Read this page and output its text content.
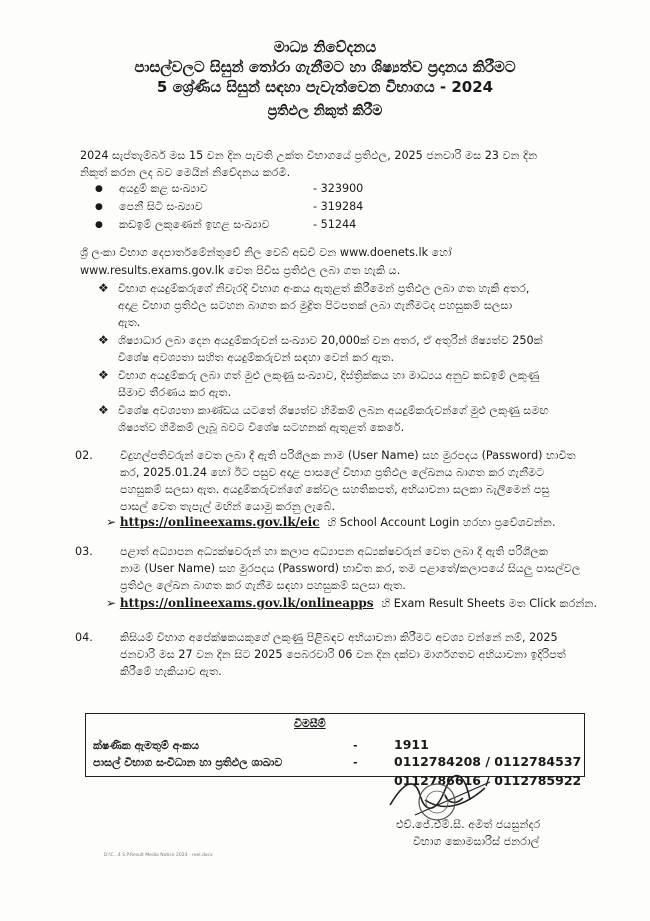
මාධ්‍ය නිවේදනය
පාසල්වලට සිසුන් තෝරා ගැනීමට හා ශිෂ්‍යත්ව ප්‍රදානය කිරීමට
5 ශ්‍රේණිය සිසුන් සඳහා පැවැත්වෙන විභාගය - 2024
ප්‍රතිඵල නිකුත් කිරීම
2024 සැප්තැම්බර් මස 15 වන දින පැවති උක්ත විභාගයේ ප්‍රතිඵල, 2025 ජනවාරි මස 23 වන දින
නිකුත් කරන ලද බව මෙයින් නිවේදනය කරමි.
● අයදුම් කළ සංඛ්‍යාව	- 323900
● පෙනී සිටි සංඛ්‍යාව	- 319284
● කඩඉම් ලකුණෙන් ඉහළ සංඛ්‍යාව	- 51244
ශ්‍රී ලංකා විභාග දෙපාර්තමේන්තුවේ නිල වෙබ් අඩවි වන www.doenets.lk හෝ
www.results.exams.gov.lk වෙත පිවිස ප්‍රතිඵල ලබා ගත හැකි ය.
❖ විභාග අයදුම්කරුගේ නිවැරදි විභාග අංකය ඇතුළත් කිරීමෙන් ප්‍රතිඵල ලබා ගත හැකි අතර,
අදාළ විභාග ප්‍රතිඵල සටහන බාගත කර මුද්‍රිත පිටපතක් ලබා ගැනීමටද පහසුකම් සලසා
ඇත.
❖ ශිෂ්‍යාධාර ලබා දෙන අයදුම්කරුවන් සංඛ්‍යාව 20,000ක් වන අතර, ඒ අතුරින් ශිෂ්‍යත්ව 250ක්
විශේෂ අවශ්‍යතා සහිත අයදුම්කරුවන් සඳහා වෙන් කර ඇත.
❖ විභාග අයදුම්කරු ලබා ගත් මුළු ලකුණු සංඛ්‍යාව, දිස්ත්‍රික්කය හා මාධ්‍යය අනුව කඩඉම් ලකුණු
සීමාව තීරණය කර ඇත.
❖ විශේෂ අවශ්‍යතා කාණ්ඩය යටතේ ශිෂ්‍යත්ව හිමිකම් ලබන අයදුම්කරුවන්ගේ මුළු ලකුණු සමඟ
ශිෂ්‍යත්ව හිමිකම් ලැබූ බවට විශේෂ සටහනක් ඇතුළත් කෙරේ.
02. විදුහල්පතිවරුන් වෙත ලබා දී ඇති පරිශීලක නාම (User Name) සහ මුරපදය (Password) භාවිත
කර, 2025.01.24 හෝ ඊට පසුව අදාළ පාසලේ විභාග ප්‍රතිඵල ලේඛනය බාගත කර ගැනීමට
පහසුකම් සලසා ඇත. අයදුම්කරුවන්ගේ කේවල සහතිකපත්, අභියාචනා සලකා බැලීමෙන් පසු
පාසල් වෙත තැපැල් මඟින් යොමු කරනු ලැබේ.
➢ https://onlineexams.gov.lk/eic හි School Account Login හරහා ප්‍රවේශවන්න.
03. පළාත් අධ්‍යාපන අධ්‍යක්ෂවරුන් හා කලාප අධ්‍යාපන අධ්‍යක්ෂවරුන් වෙත ලබා දී ඇති පරිශීලක
නාම (User Name) සහ මුරපදය (Password) භාවිත කර, තම පළාතේ/කලාපයේ සියලු පාසල්වල
ප්‍රතිඵල ලේඛන බාගත කර ගැනීම සඳහා පහසුකම් සලසා ඇත.
➢ https://onlineexams.gov.lk/onlineapps හි Exam Result Sheets මත Click කරන්න.
04. කිසියම් විභාග අපේක්ෂකයකුගේ ලකුණු පිළිබඳව අභියාචනා කිරීමට අවශ්‍ය වන්නේ නම්, 2025
ජනවාරි මස 27 වන දින සිට 2025 පෙබරවාරි 06 වන දින දක්වා මාර්ගගතව අභියාචනා ඉදිරිපත්
කිරීමේ හැකියාව ඇත.
විමසීම්
ක්ෂණික ඇමතුම් අංකය	-	1911
පාසල් විභාග සංවිධාන හා ප්‍රතිඵල ශාඛාව	-	0112784208 / 0112784537
0112786616 / 0112785922
එච්.ජේ.එම්.සී. අමිත් ජයසුන්දර
විභාග කොමසාරිස් ජනරාල්
D:\C...4 S.P.Result Media Notice 2024 - reel.docx
